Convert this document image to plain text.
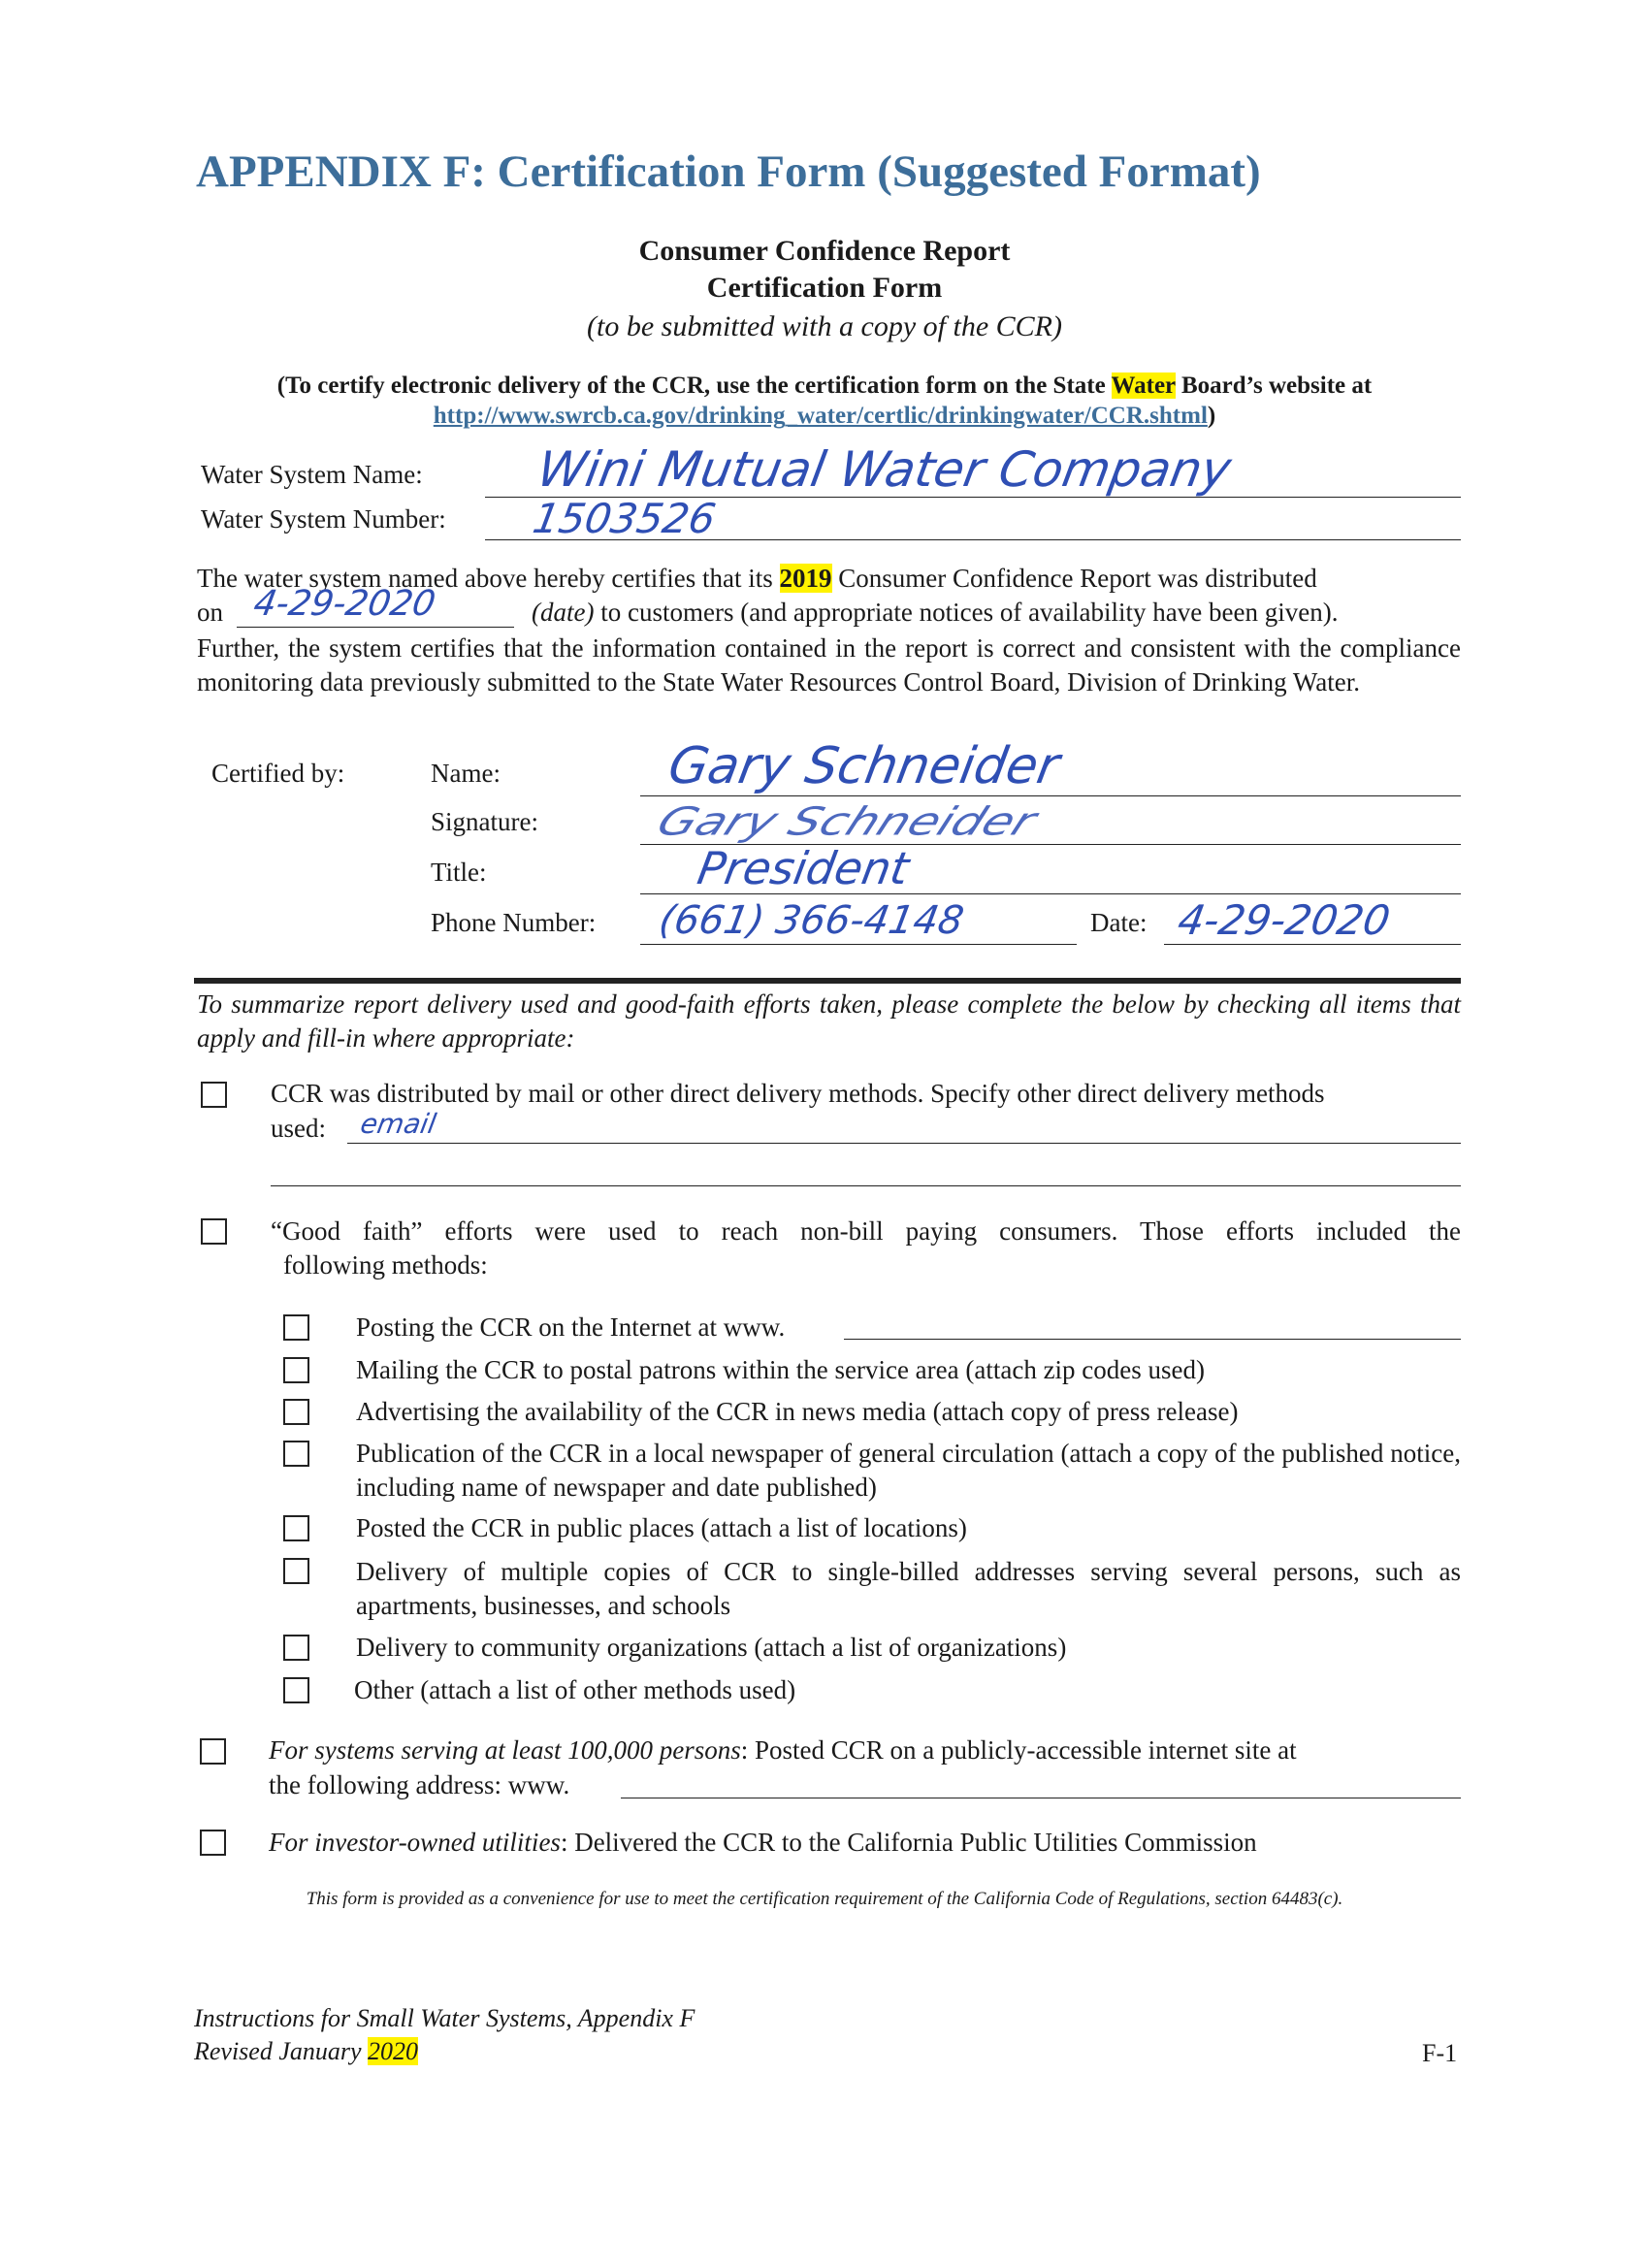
APPENDIX F: Certification Form (Suggested Format)
Consumer Confidence Report
Certification Form
(to be submitted with a copy of the CCR)
(To certify electronic delivery of the CCR, use the certification form on the State Water Board’s website at
http://www.swrcb.ca.gov/drinking_water/certlic/drinkingwater/CCR.shtml)
Water System Name: Wini Mutual Water Company
Water System Number: 1503526
The water system named above hereby certifies that its 2019 Consumer Confidence Report was distributed
on 4-29-2020	(date) to customers (and appropriate notices of availability have been given).
Further, the system certifies that the information contained in the report is correct and consistent with the compliance monitoring data previously submitted to the State Water Resources Control Board, Division of Drinking Water.
Certified by:	Name:	Gary Schneider
Signature: Gary Schneider
Title:	President
Phone Number: (661) 366-4148	Date: 4-29-2020
To summarize report delivery used and good-faith efforts taken, please complete the below by checking all items that apply and fill-in where appropriate:
CCR was distributed by mail or other direct delivery methods. Specify other direct delivery methods
used: email
“Good faith” efforts were used to reach non-bill paying consumers. Those efforts included the
following methods:
Posting the CCR on the Internet at www.
Mailing the CCR to postal patrons within the service area (attach zip codes used)
Advertising the availability of the CCR in news media (attach copy of press release)
Publication of the CCR in a local newspaper of general circulation (attach a copy of the published notice, including name of newspaper and date published)
Posted the CCR in public places (attach a list of locations)
Delivery of multiple copies of CCR to single-billed addresses serving several persons, such as apartments, businesses, and schools
Delivery to community organizations (attach a list of organizations)
Other (attach a list of other methods used)
For systems serving at least 100,000 persons: Posted CCR on a publicly-accessible internet site at
the following address: www.
For investor-owned utilities: Delivered the CCR to the California Public Utilities Commission
This form is provided as a convenience for use to meet the certification requirement of the California Code of Regulations, section 64483(c).
Instructions for Small Water Systems, Appendix F
Revised January 2020	F-1
